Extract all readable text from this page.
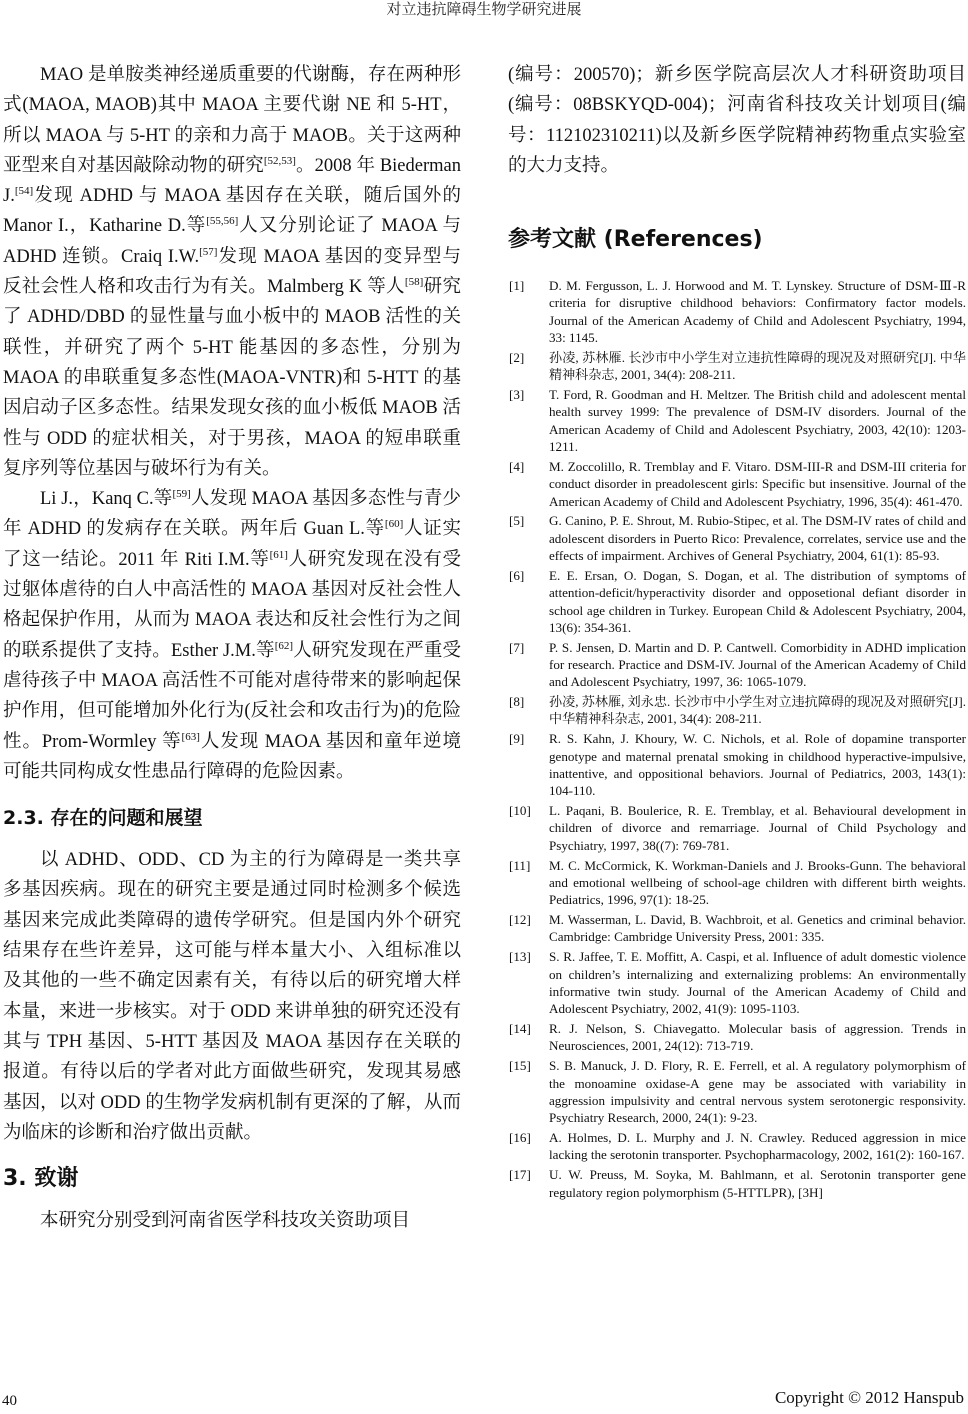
对立违抗障碍生物学研究进展

MAO 是单胺类神经递质重要的代谢酶，存在两种形式(MAOA, MAOB)其中 MAOA 主要代谢 NE 和 5-HT，所以 MAOA 与 5-HT 的亲和力高于 MAOB。关于这两种亚型来自对基因敲除动物的研究[52,53]。2008 年 Biederman J.[54]发现 ADHD 与 MAOA 基因存在关联，随后国外的 Manor I.，Katharine D.等[55,56]人又分别论证了 MAOA 与 ADHD 连锁。Craiq I.W.[57]发现 MAOA 基因的变异型与反社会性人格和攻击行为有关。Malmberg K 等人[58]研究了 ADHD/DBD 的显性量与血小板中的 MAOB 活性的关联性，并研究了两个 5-HT 能基因的多态性，分别为 MAOA 的串联重复多态性(MAOA-VNTR)和 5-HTT 的基因启动子区多态性。结果发现女孩的血小板低 MAOB 活性与 ODD 的症状相关，对于男孩，MAOA 的短串联重复序列等位基因与破坏行为有关。

Li J.，Kanq C.等[59]人发现 MAOA 基因多态性与青少年 ADHD 的发病存在关联。两年后 Guan L.等[60]人证实了这一结论。2011 年 Riti I.M.等[61]人研究发现在没有受过躯体虐待的白人中高活性的 MAOA 基因对反社会性人格起保护作用，从而为 MAOA 表达和反社会性行为之间的联系提供了支持。Esther J.M.等[62]人研究发现在严重受虐待孩子中 MAOA 高活性不可能对虐待带来的影响起保护作用，但可能增加外化行为(反社会和攻击行为)的危险性。Prom-Wormley 等[63]人发现 MAOA 基因和童年逆境可能共同构成女性患品行障碍的危险因素。

2.3. 存在的问题和展望

以 ADHD、ODD、CD 为主的行为障碍是一类共享多基因疾病。现在的研究主要是通过同时检测多个候选基因来完成此类障碍的遗传学研究。但是国内外个研究结果存在些许差异，这可能与样本量大小、入组标准以及其他的一些不确定因素有关，有待以后的研究增大样本量，来进一步核实。对于 ODD 来讲单独的研究还没有其与 TPH 基因、5-HTT 基因及 MAOA 基因存在关联的报道。有待以后的学者对此方面做些研究，发现其易感基因，以对 ODD 的生物学发病机制有更深的了解，从而为临床的诊断和治疗做出贡献。

3. 致谢

本研究分别受到河南省医学科技攻关资助项目

(编号：200570)；新乡医学院高层次人才科研资助项目(编号：08BSKYQD-004)；河南省科技攻关计划项目(编号：112102310211)以及新乡医学院精神药物重点实验室的大力支持。

参考文献 (References)
[1] D. M. Fergusson, L. J. Horwood and M. T. Lynskey. Structure of DSM-Ⅲ-R criteria for disruptive childhood behaviors: Confirmatory factor models. Journal of the American Academy of Child and Adolescent Psychiatry, 1994, 33: 1145.
[2] 孙凌, 苏林雁. 长沙市中小学生对立违抗性障碍的现况及对照研究[J]. 中华精神科杂志, 2001, 34(4): 208-211.
[3] T. Ford, R. Goodman and H. Meltzer. The British child and adolescent mental health survey 1999: The prevalence of DSM-IV disorders. Journal of the American Academy of Child and Adolescent Psychiatry, 2003, 42(10): 1203-1211.
[4] M. Zoccolillo, R. Tremblay and F. Vitaro. DSM-III-R and DSM-III criteria for conduct disorder in preadolescent girls: Specific but insensitive. Journal of the American Academy of Child and Adolescent Psychiatry, 1996, 35(4): 461-470.
[5] G. Canino, P. E. Shrout, M. Rubio-Stipec, et al. The DSM-IV rates of child and adolescent disorders in Puerto Rico: Prevalence, correlates, service use and the effects of impairment. Archives of General Psychiatry, 2004, 61(1): 85-93.
[6] E. E. Ersan, O. Dogan, S. Dogan, et al. The distribution of symptoms of attention-deficit/hyperactivity disorder and opposetional defiant disorder in school age children in Turkey. European Child & Adolescent Psychiatry, 2004, 13(6): 354-361.
[7] P. S. Jensen, D. Martin and D. P. Cantwell. Comorbidity in ADHD implication for research. Practice and DSM-IV. Journal of the American Academy of Child and Adolescent Psychiatry, 1997, 36: 1065-1079.
[8] 孙凌, 苏林雁, 刘永忠. 长沙市中小学生对立违抗障碍的现况及对照研究[J]. 中华精神科杂志, 2001, 34(4): 208-211.
[9] R. S. Kahn, J. Khoury, W. C. Nichols, et al. Role of dopamine transporter genotype and maternal prenatal smoking in childhood hyperactive-impulsive, inattentive, and oppositional behaviors. Journal of Pediatrics, 2003, 143(1): 104-110.
[10] L. Paqani, B. Boulerice, R. E. Tremblay, et al. Behavioural development in children of divorce and remarriage. Journal of Child Psychology and Psychiatry, 1997, 38((7): 769-781.
[11] M. C. McCormick, K. Workman-Daniels and J. Brooks-Gunn. The behavioral and emotional wellbeing of school-age children with different birth weights. Pediatrics, 1996, 97(1): 18-25.
[12] M. Wasserman, L. David, B. Wachbroit, et al. Genetics and criminal behavior. Cambridge: Cambridge University Press, 2001: 335.
[13] S. R. Jaffee, T. E. Moffitt, A. Caspi, et al. Influence of adult domestic violence on children’s internalizing and externalizing problems: An environmentally informative twin study. Journal of the American Academy of Child and Adolescent Psychiatry, 2002, 41(9): 1095-1103.
[14] R. J. Nelson, S. Chiavegatto. Molecular basis of aggression. Trends in Neurosciences, 2001, 24(12): 713-719.
[15] S. B. Manuck, J. D. Flory, R. E. Ferrell, et al. A regulatory polymorphism of the monoamine oxidase-A gene may be associated with variability in aggression impulsivity and central nervous system serotonergic responsivity. Psychiatry Research, 2000, 24(1): 9-23.
[16] A. Holmes, D. L. Murphy and J. N. Crawley. Reduced aggression in mice lacking the serotonin transporter. Psychopharmacology, 2002, 161(2): 160-167.
[17] U. W. Preuss, M. Soyka, M. Bahlmann, et al. Serotonin transporter gene regulatory region polymorphism (5-HTTLPR), [3H]
40	Copyright © 2012 Hanspub
